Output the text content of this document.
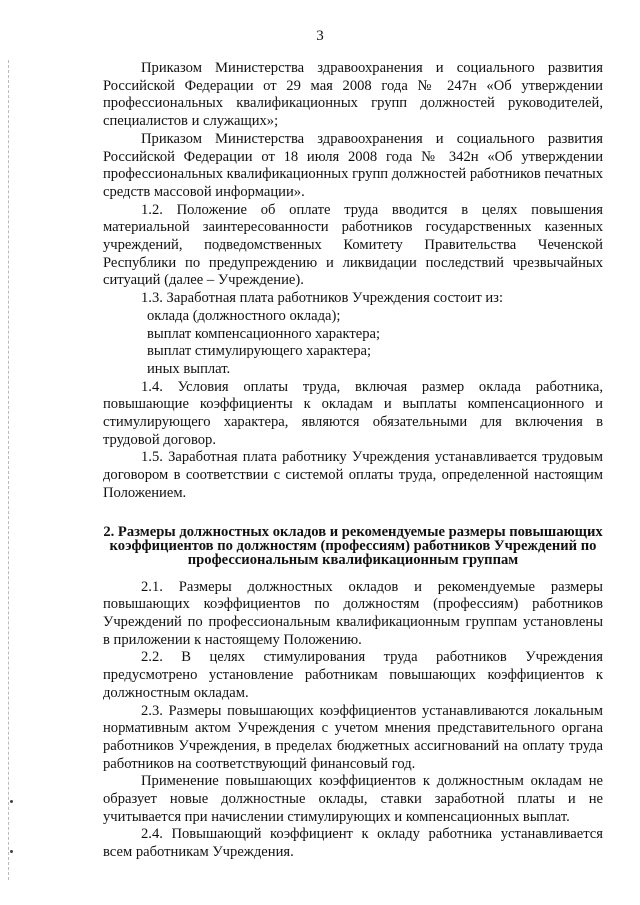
3

Приказом Министерства здравоохранения и социального развития Российской Федерации от 29 мая 2008 года № 247н «Об утверждении профессиональных квалификационных групп должностей руководителей, специалистов и служащих»;

Приказом Министерства здравоохранения и социального развития Российской Федерации от 18 июля 2008 года № 342н «Об утверждении профессиональных квалификационных групп должностей работников печатных средств массовой информации».

1.2. Положение об оплате труда вводится в целях повышения материальной заинтересованности работников государственных казенных учреждений, подведомственных Комитету Правительства Чеченской Республики по предупреждению и ликвидации последствий чрезвычайных ситуаций (далее – Учреждение).

1.3. Заработная плата работников Учреждения состоит из:

оклада (должностного оклада);

выплат компенсационного характера;

выплат стимулирующего характера;

иных выплат.

1.4. Условия оплаты труда, включая размер оклада работника, повышающие коэффициенты к окладам и выплаты компенсационного и стимулирующего характера, являются обязательными для включения в трудовой договор.

1.5. Заработная плата работнику Учреждения устанавливается трудовым договором в соответствии с системой оплаты труда, определенной настоящим Положением.

2. Размеры должностных окладов и рекомендуемые размеры повышающих коэффициентов по должностям (профессиям) работников Учреждений по профессиональным квалификационным группам

2.1. Размеры должностных окладов и рекомендуемые размеры повышающих коэффициентов по должностям (профессиям) работников Учреждений по профессиональным квалификационным группам установлены в приложении к настоящему Положению.

2.2. В целях стимулирования труда работников Учреждения предусмотрено установление работникам повышающих коэффициентов к должностным окладам.

2.3. Размеры повышающих коэффициентов устанавливаются локальным нормативным актом Учреждения с учетом мнения представительного органа работников Учреждения, в пределах бюджетных ассигнований на оплату труда работников на соответствующий финансовый год.

Применение повышающих коэффициентов к должностным окладам не образует новые должностные оклады, ставки заработной платы и не учитывается при начислении стимулирующих и компенсационных выплат.

2.4. Повышающий коэффициент к окладу работника устанавливается всем работникам Учреждения.
